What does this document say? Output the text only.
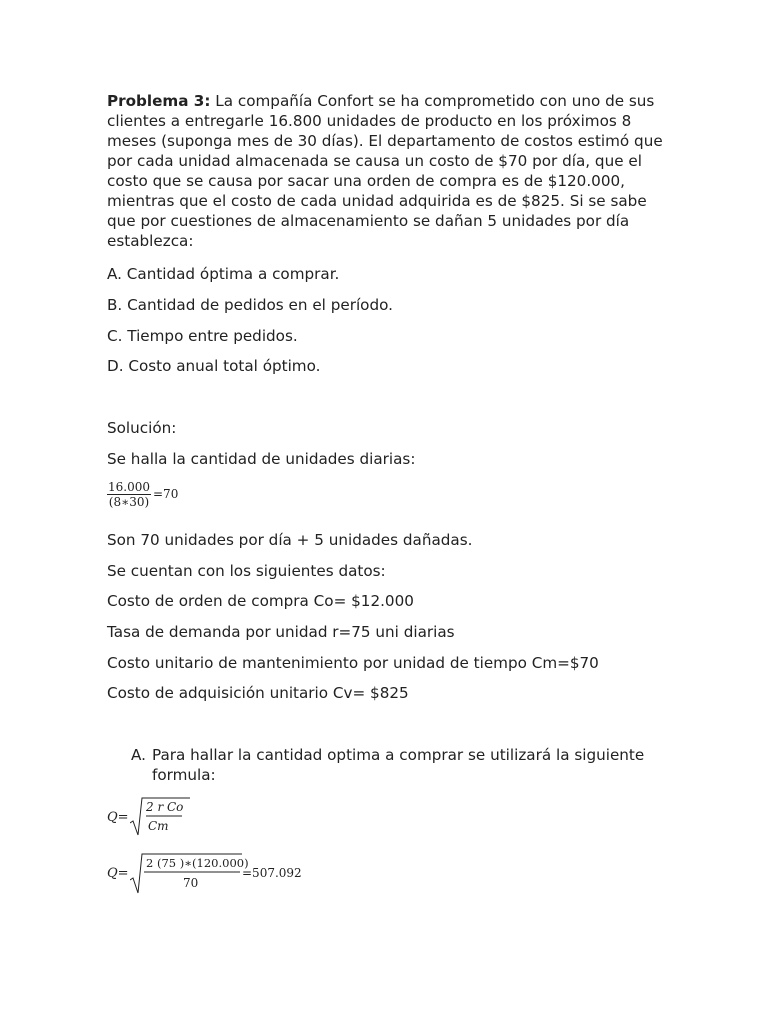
Problema 3: La compañía Confort se ha comprometido con uno de sus clientes a entregarle 16.800 unidades de producto en los próximos 8 meses (suponga mes de 30 días). El departamento de costos estimó que por cada unidad almacenada se causa un costo de $70 por día, que el costo que se causa por sacar una orden de compra es de $120.000, mientras que el costo de cada unidad adquirida es de $825. Si se sabe que por cuestiones de almacenamiento se dañan 5 unidades por día establezca:

A. Cantidad óptima a comprar.

B. Cantidad de pedidos en el período.

C. Tiempo entre pedidos.

D. Costo anual total óptimo.

Solución:

Se halla la cantidad de unidades diarias:

$\frac{16.000}{(8∗30)} =70$

Son 70 unidades por día + 5 unidades dañadas.

Se cuentan con los siguientes datos:

Costo de orden de compra Co= $12.000

Tasa de demanda por unidad r=75 uni diarias

Costo unitario de mantenimiento por unidad de tiempo Cm=$70

Costo de adquisición unitario Cv= $825

A. Para hallar la cantidad optima a comprar se utilizará la siguiente formula:
Q=
2 r Co
Cm
Q=
2 (75 )∗(120.000)
70
=507.092
